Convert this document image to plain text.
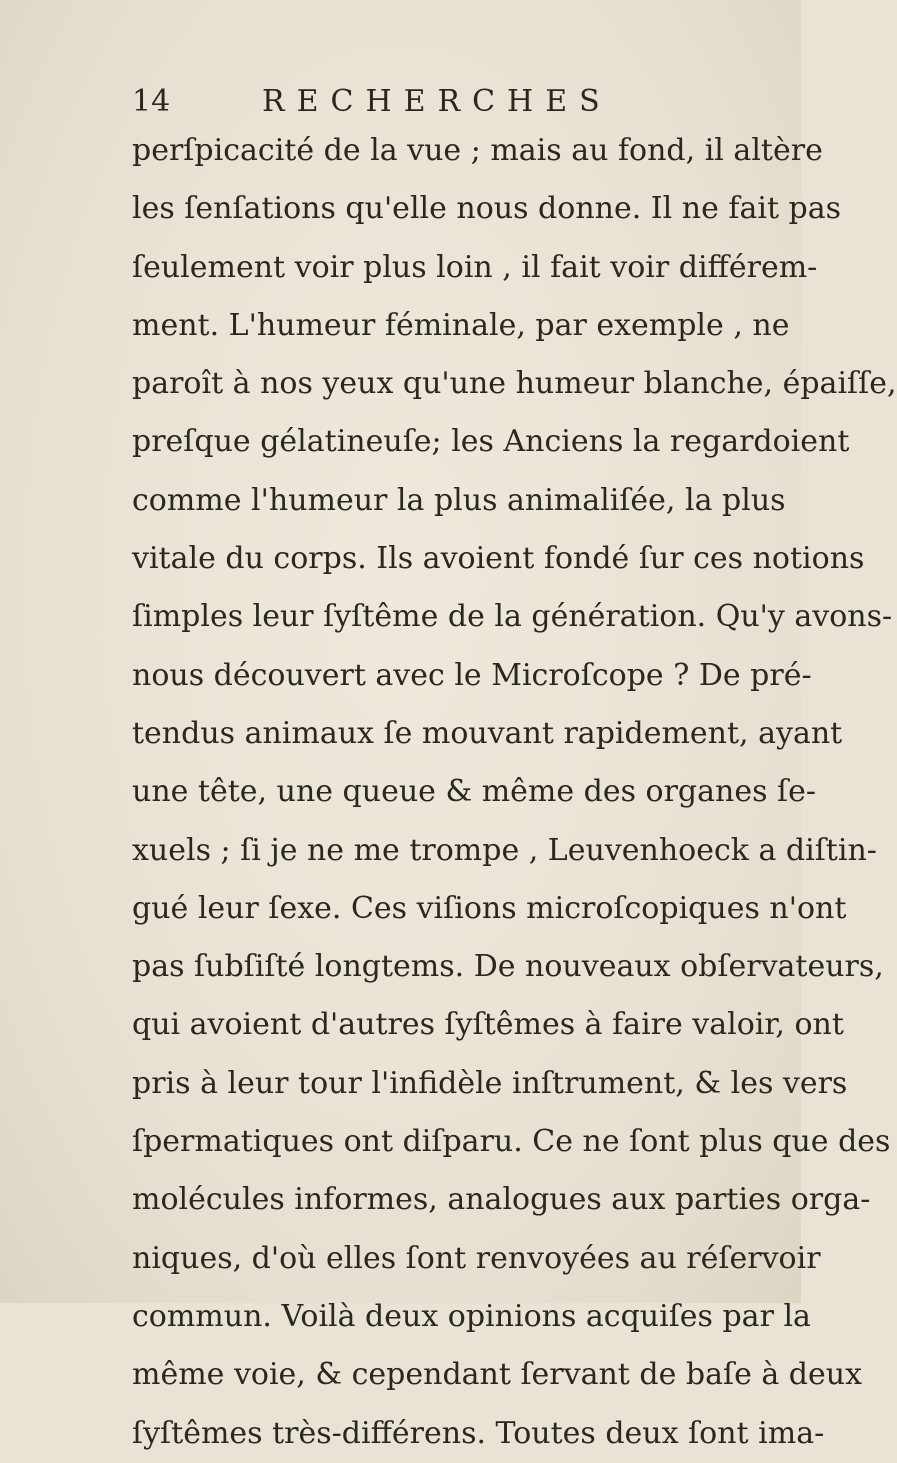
14	RECHERCHES
perſpicacité de la vue ; mais au fond, il altère
les ſenſations qu'elle nous donne. Il ne fait pas
ſeulement voir plus loin , il fait voir différem-
ment. L'humeur féminale, par exemple , ne
paroît à nos yeux qu'une humeur blanche, épaiſſe,
preſque gélatineuſe; les Anciens la regardoient
comme l'humeur la plus animaliſée, la plus
vitale du corps. Ils avoient fondé ſur ces notions
ſimples leur ſyſtême de la génération. Qu'y avons-
nous découvert avec le Microſcope ? De pré-
tendus animaux ſe mouvant rapidement, ayant
une tête, une queue & même des organes ſe-
xuels ; ſi je ne me trompe , Leuvenhoeck a diſtin-
gué leur ſexe. Ces viſions microſcopiques n'ont
pas ſubſiſté longtems. De nouveaux obſervateurs,
qui avoient d'autres ſyſtêmes à faire valoir, ont
pris à leur tour l'infidèle inſtrument, & les vers
ſpermatiques ont diſparu. Ce ne ſont plus que des
molécules informes, analogues aux parties orga-
niques, d'où elles ſont renvoyées au réſervoir
commun. Voilà deux opinions acquiſes par la
même voie, & cependant ſervant de baſe à deux
ſyſtêmes très-différens. Toutes deux ſont ima-
